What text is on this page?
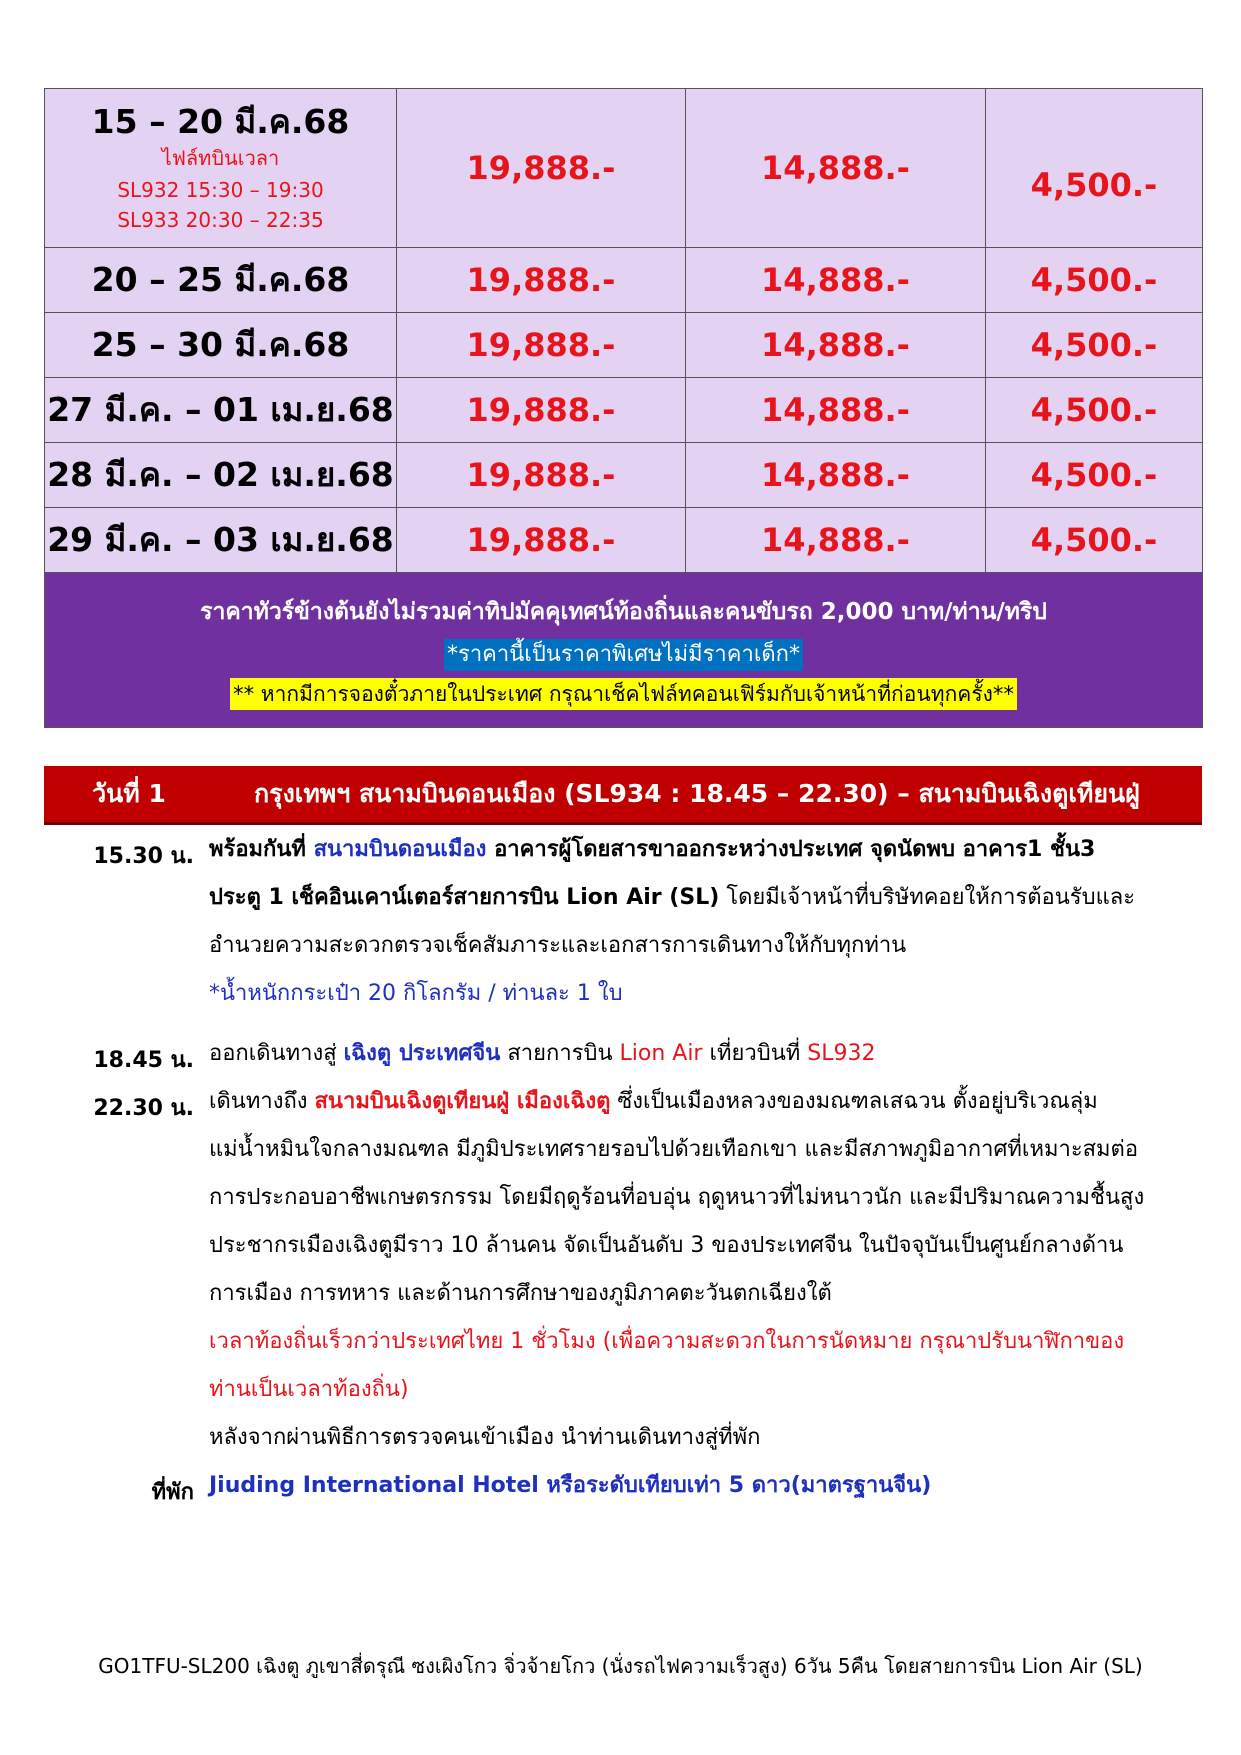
15 – 20 มี.ค.68
ไฟล์ทบินเวลา
SL932 15:30 – 19:30
SL933 20:30 – 22:35	19,888.-	14,888.-	4,500.-

20 – 25 มี.ค.68	19,888.-	14,888.-	4,500.-

25 – 30 มี.ค.68	19,888.-	14,888.-	4,500.-

27 มี.ค. – 01 เม.ย.68	19,888.-	14,888.-	4,500.-

28 มี.ค. – 02 เม.ย.68	19,888.-	14,888.-	4,500.-

29 มี.ค. – 03 เม.ย.68	19,888.-	14,888.-	4,500.-

ราคาทัวร์ข้างต้นยังไม่รวมค่าทิปมัคคุเทศน์ท้องถิ่นและคนขับรถ 2,000 บาท/ท่าน/ทริป
*ราคานี้เป็นราคาพิเศษไม่มีราคาเด็ก*
** หากมีการจองตั๋วภายในประเทศ กรุณาเช็คไฟล์ทคอนเฟิร์มกับเจ้าหน้าที่ก่อนทุกครั้ง**			
วันที่ 1	กรุงเทพฯ สนามบินดอนเมือง (SL934 : 18.45 – 22.30) – สนามบินเฉิงตูเทียนฝู่
15.30 น. พร้อมกันที่ สนามบินดอนเมือง อาคารผู้โดยสารขาออกระหว่างประเทศ จุดนัดพบ อาคาร1 ชั้น3
ประตู 1 เช็คอินเคาน์เตอร์สายการบิน Lion Air (SL) โดยมีเจ้าหน้าที่บริษัทคอยให้การต้อนรับและ
อำนวยความสะดวกตรวจเช็คสัมภาระและเอกสารการเดินทางให้กับทุกท่าน
*น้ำหนักกระเป๋า 20 กิโลกรัม / ท่านละ 1 ใบ
18.45 น. ออกเดินทางสู่ เฉิงตู ประเทศจีน สายการบิน Lion Air เที่ยวบินที่ SL932
22.30 น. เดินทางถึง สนามบินเฉิงตูเทียนฝู่ เมืองเฉิงตู ซึ่งเป็นเมืองหลวงของมณฑลเสฉวน ตั้งอยู่บริเวณลุ่ม
แม่น้ำหมินใจกลางมณฑล มีภูมิประเทศรายรอบไปด้วยเทือกเขา และมีสภาพภูมิอากาศที่เหมาะสมต่อ
การประกอบอาชีพเกษตรกรรม โดยมีฤดูร้อนที่อบอุ่น ฤดูหนาวที่ไม่หนาวนัก และมีปริมาณความชื้นสูง
ประชากรเมืองเฉิงตูมีราว 10 ล้านคน จัดเป็นอันดับ 3 ของประเทศจีน ในปัจจุบันเป็นศูนย์กลางด้าน
การเมือง การทหาร และด้านการศึกษาของภูมิภาคตะวันตกเฉียงใต้
เวลาท้องถิ่นเร็วกว่าประเทศไทย 1 ชั่วโมง (เพื่อความสะดวกในการนัดหมาย กรุณาปรับนาฬิกาของ
ท่านเป็นเวลาท้องถิ่น)
หลังจากผ่านพิธีการตรวจคนเข้าเมือง นำท่านเดินทางสู่ที่พัก
ที่พัก Jiuding International Hotel หรือระดับเทียบเท่า 5 ดาว(มาตรฐานจีน)
GO1TFU-SL200 เฉิงตู ภูเขาสี่ดรุณี ซงเผิงโกว จิ่วจ้ายโกว (นั่งรถไฟความเร็วสูง) 6วัน 5คืน โดยสายการบิน Lion Air (SL)
